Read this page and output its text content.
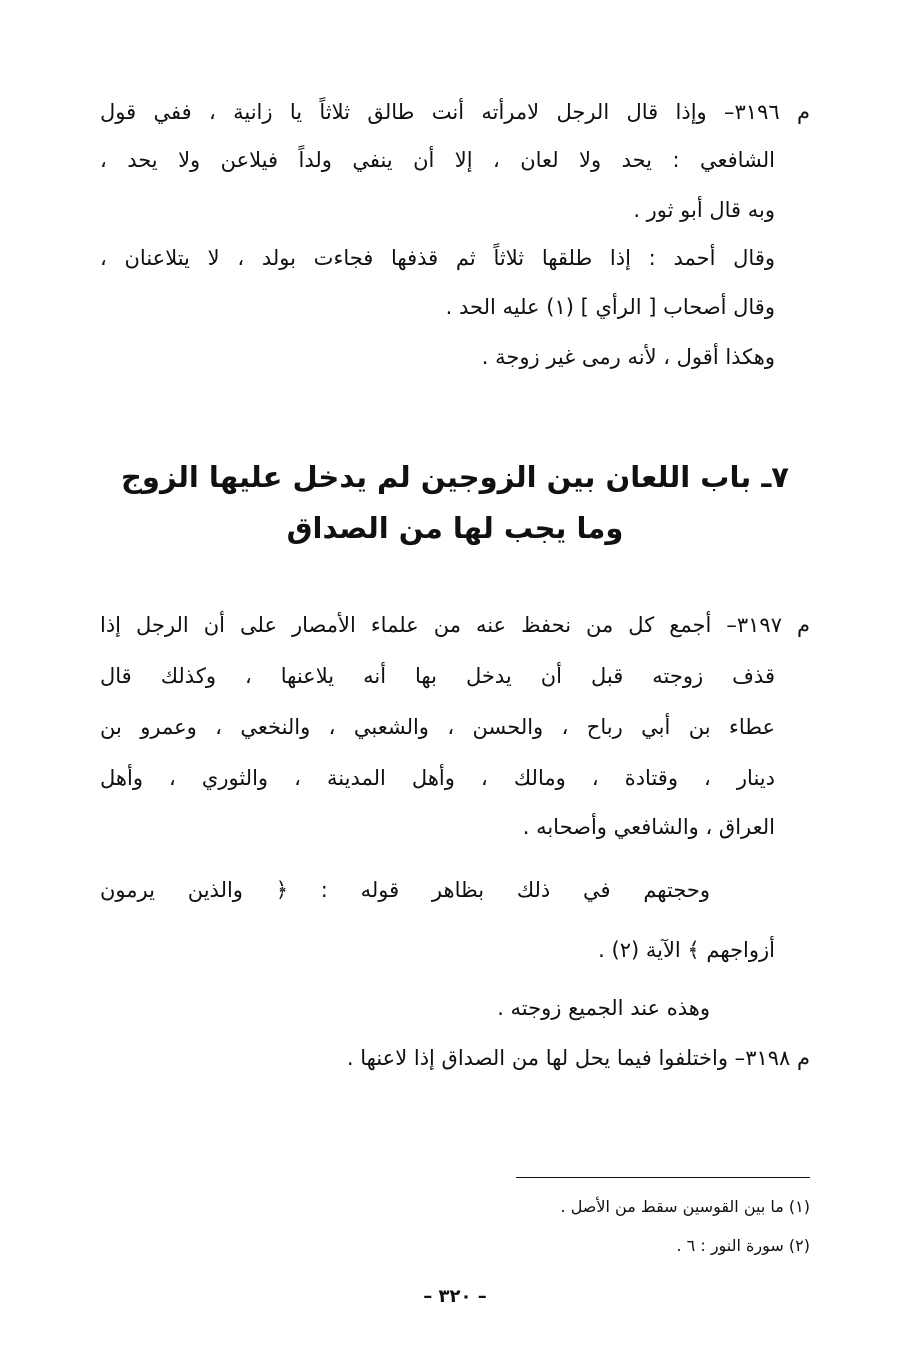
م ٣١٩٦– وإذا قال الرجل لامرأته أنت طالق ثلاثاً يا زانية ، ففي قول
الشافعي : يحد ولا لعان ، إلا أن ينفي ولداً فيلاعن ولا يحد ،
وبه قال أبو ثور .
وقال أحمد : إذا طلقها ثلاثاً ثم قذفها فجاءت بولد ، لا يتلاعنان ،
وقال أصحاب [ الرأي ] (١) عليه الحد .
وهكذا أقول ، لأنه رمى غير زوجة .
٧ـ باب اللعان بين الزوجين لم يدخل عليها الزوج
وما يجب لها من الصداق
م ٣١٩٧– أجمع كل من نحفظ عنه من علماء الأمصار على أن الرجل إذا
قذف زوجته قبل أن يدخل بها أنه يلاعنها ، وكذلك قال
عطاء بن أبي رباح ، والحسن ، والشعبي ، والنخعي ، وعمرو بن
دينار ، وقتادة ، ومالك ، وأهل المدينة ، والثوري ، وأهل
العراق ، والشافعي وأصحابه .
وحجتهم في ذلك بظاهر قوله : ﴿ والذين يرمون
أزواجهم ﴾ الآية (٢) .
وهذه عند الجميع زوجته .
م ٣١٩٨– واختلفوا فيما يحل لها من الصداق إذا لاعنها .
(١) ما بين القوسين سقط من الأصل .
(٢) سورة النور : ٦ .
– ٣٢٠ –
